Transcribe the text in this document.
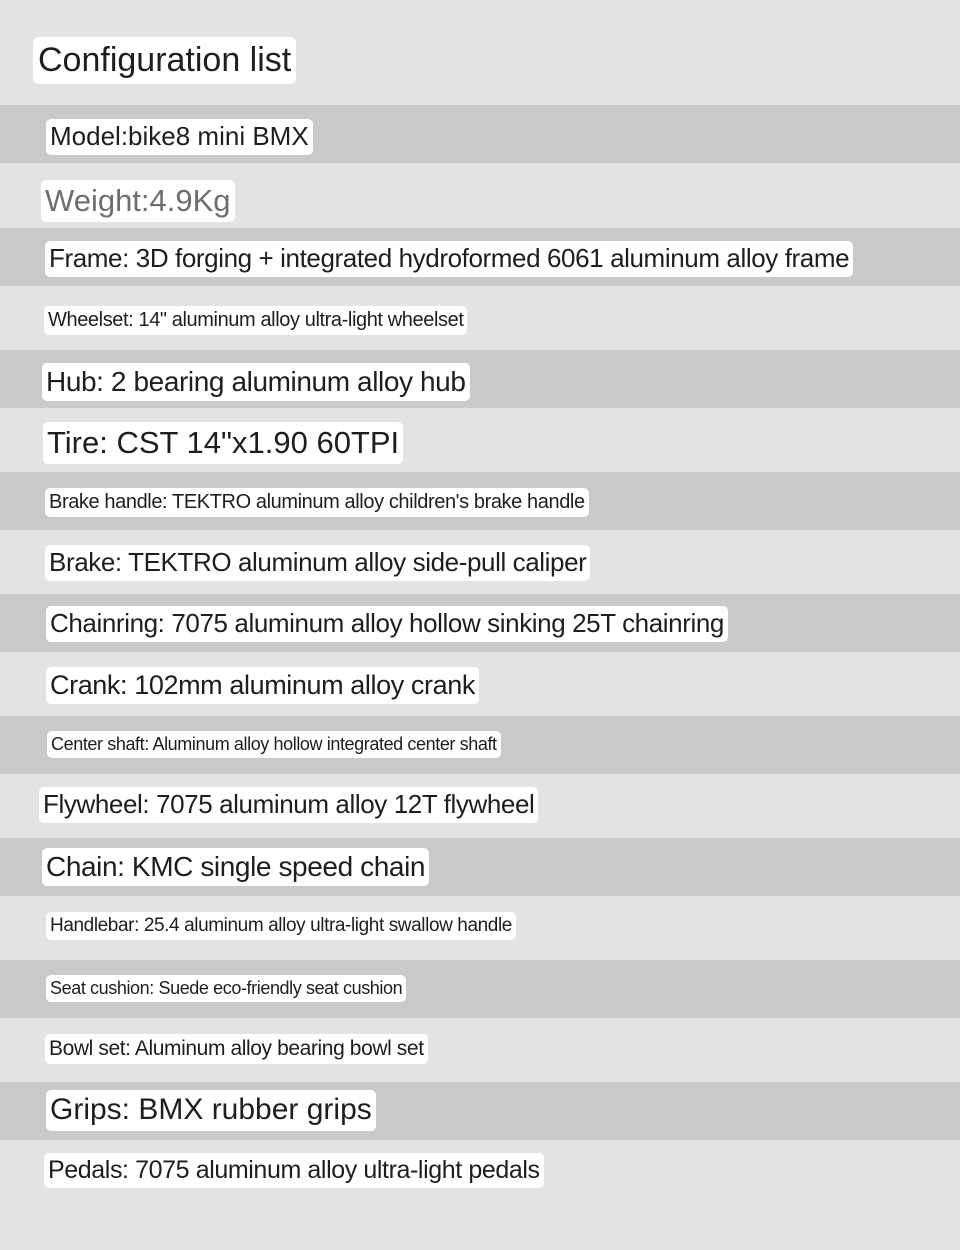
Configuration list
Model:bike8 mini BMX
Weight:4.9Kg
Frame: 3D forging + integrated hydroformed 6061 aluminum alloy frame
Wheelset: 14" aluminum alloy ultra-light wheelset
Hub: 2 bearing aluminum alloy hub
Tire: CST 14"x1.90 60TPI
Brake handle: TEKTRO aluminum alloy children's brake handle
Brake: TEKTRO aluminum alloy side-pull caliper
Chainring: 7075 aluminum alloy hollow sinking 25T chainring
Crank: 102mm aluminum alloy crank
Center shaft: Aluminum alloy hollow integrated center shaft
Flywheel: 7075 aluminum alloy 12T flywheel
Chain: KMC single speed chain
Handlebar: 25.4 aluminum alloy ultra-light swallow handle
Seat cushion: Suede eco-friendly seat cushion
Bowl set: Aluminum alloy bearing bowl set
Grips: BMX rubber grips
Pedals: 7075 aluminum alloy ultra-light pedals
